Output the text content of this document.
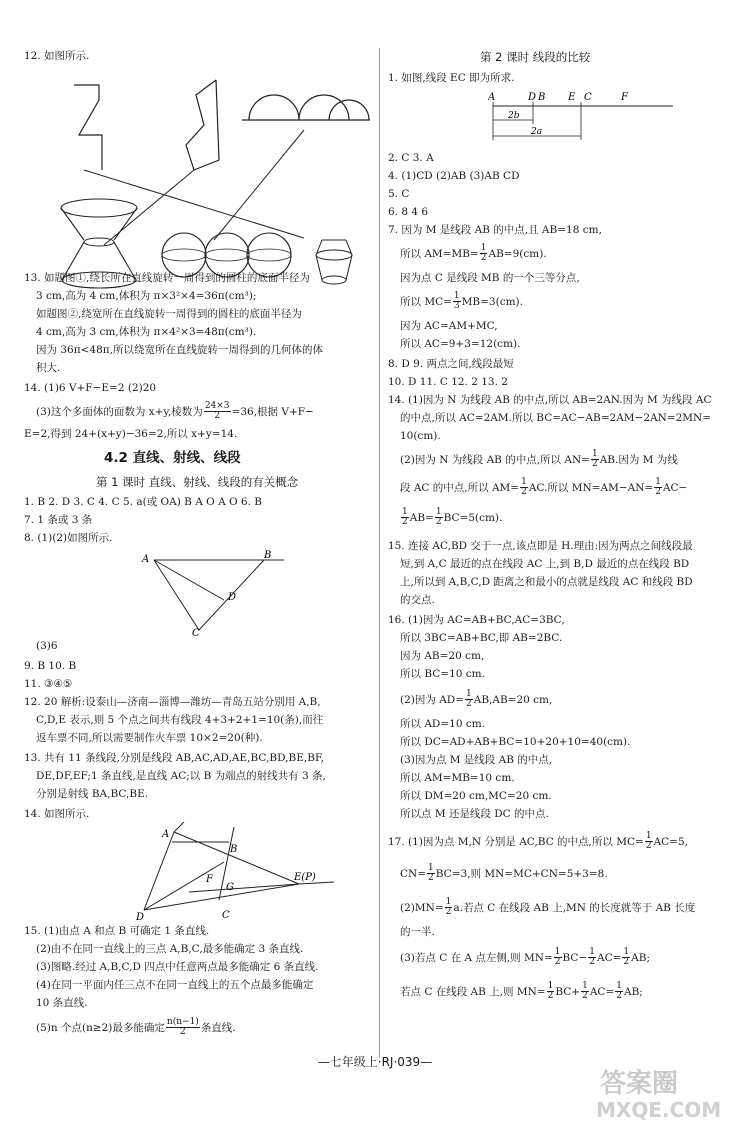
12. 如图所示.
13. 如题图①,绕长所在直线旋转一周得到的圆柱的底面半径为
3 cm,高为 4 cm,体积为 π×3²×4=36π(cm³);
如题图②,绕宽所在直线旋转一周得到的圆柱的底面半径为
4 cm,高为 3 cm,体积为 π×4²×3=48π(cm³).
因为 36π<48π,所以绕宽所在直线旋转一周得到的几何体的体
积大.
14. (1)6 V+F−E=2 (2)20
(3)这个多面体的面数为 x+y,棱数为 $\frac{24\times 3}{2} =36$,根据 V+F−
E=2,得到 24+(x+y)−36=2,所以 x+y=14.
4.2 直线、射线、线段
第 1 课时 直线、射线、线段的有关概念
1. B 2. D 3. C 4. C 5. a(或 OA) B A O A O 6. B
7. 1 条或 3 条
8. (1)(2)如图所示.
A	B
D
C
(3)6
9. B 10. B
11. ③④⑤
12. 20 解析:设泰山—济南—淄博—潍坊—青岛五站分别用 A,B,
C,D,E 表示,则 5 个点之间共有线段 4+3+2+1=10(条),而往
返车票不同,所以需要制作火车票 10×2=20(种).
13. 共有 11 条线段,分别是线段 AB,AC,AD,AE,BC,BD,BE,BF,
DE,DF,EF;1 条直线,是直线 AC;以 B 为端点的射线共有 3 条,
分别是射线 BA,BC,BE.
14. 如图所示.
A
B
F
G
C
D
E(P)
15. (1)由点 A 和点 B 可确定 1 条直线.
(2)由不在同一直线上的三点 A,B,C,最多能确定 3 条直线.
(3)图略.经过 A,B,C,D 四点中任意两点最多能确定 6 条直线.
(4)在同一平面内任三点不在同一直线上的五个点最多能确定
10 条直线.
(5)n 个点(n≥2)最多能确定 $\frac{n(n-1)}{2}$ 条直线.
第 2 课时 线段的比较
1. 如图,线段 EC 即为所求.
A	D B E C	F
2b
2a
2. C 3. A
4. (1)CD (2)AB (3)AB CD
5. C
6. 8 4 6
7. 因为 M 是线段 AB 的中点,且 AB=18 cm,
所以 $AM=MB= \frac{1}{2} AB=9(cm)$.
因为点 C 是线段 MB 的一个三等分点,
所以 $MC= \frac{1}{3} MB=3(cm)$.
因为 AC=AM+MC,
所以 AC=9+3=12(cm).
8. D 9. 两点之间,线段最短
10. D 11. C 12. 2 13. 2
14. (1)因为 N 为线段 AB 的中点,所以 AB=2AN.因为 M 为线段 AC
的中点,所以 AC=2AM.所以 BC=AC−AB=2AM−2AN=2MN=
10(cm).
(2)因为 N 为线段 AB 的中点,所以 $AN= \frac{1}{2}$ AB.因为 M 为线
段 AC 的中点,所以 $AM= \frac{1}{2}$ AC.所以 $MN=AM-AN= \frac{1}{2} AC-$
$\frac{1}{2} AB= \frac{1}{2} BC=5(cm)$.
15. 连接 AC,BD 交于一点,该点即是 H.理由:因为两点之间线段最
短,到 A,C 最近的点在线段 AC 上,到 B,D 最近的点在线段 BD
上,所以到 A,B,C,D 距离之和最小的点就是线段 AC 和线段 BD
的交点.
16. (1)因为 AC=AB+BC,AC=3BC,
所以 3BC=AB+BC,即 AB=2BC.
因为 AB=20 cm,
所以 BC=10 cm.
(2)因为 $AD= \frac{1}{2} AB,AB=20$ cm,
所以 AD=10 cm.
所以 DC=AD+AB+BC=10+20+10=40(cm).
(3)因为点 M 是线段 AB 的中点,
所以 AM=MB=10 cm.
所以 DM=20 cm,MC=20 cm.
所以点 M 还是线段 DC 的中点.
17. (1)因为点 M,N 分别是 AC,BC 的中点,所以 $MC= \frac{1}{2} AC=5$,
$CN= \frac{1}{2} BC=3$,则 MN=MC+CN=5+3=8.
$(2)MN= \frac{1}{2} a$.若点 C 在线段 AB 上,MN 的长度就等于 AB 长度
的一半.
(3)若点 C 在 A 点左侧,则 $MN= \frac{1}{2} BC- \frac{1}{2} AC= \frac{1}{2}$ AB;
若点 C 在线段 AB 上,则 $MN= \frac{1}{2} BC+ \frac{1}{2} AC= \frac{1}{2}$ AB;
—七年级上·RJ·039—
答案圈
MXQE.COM
